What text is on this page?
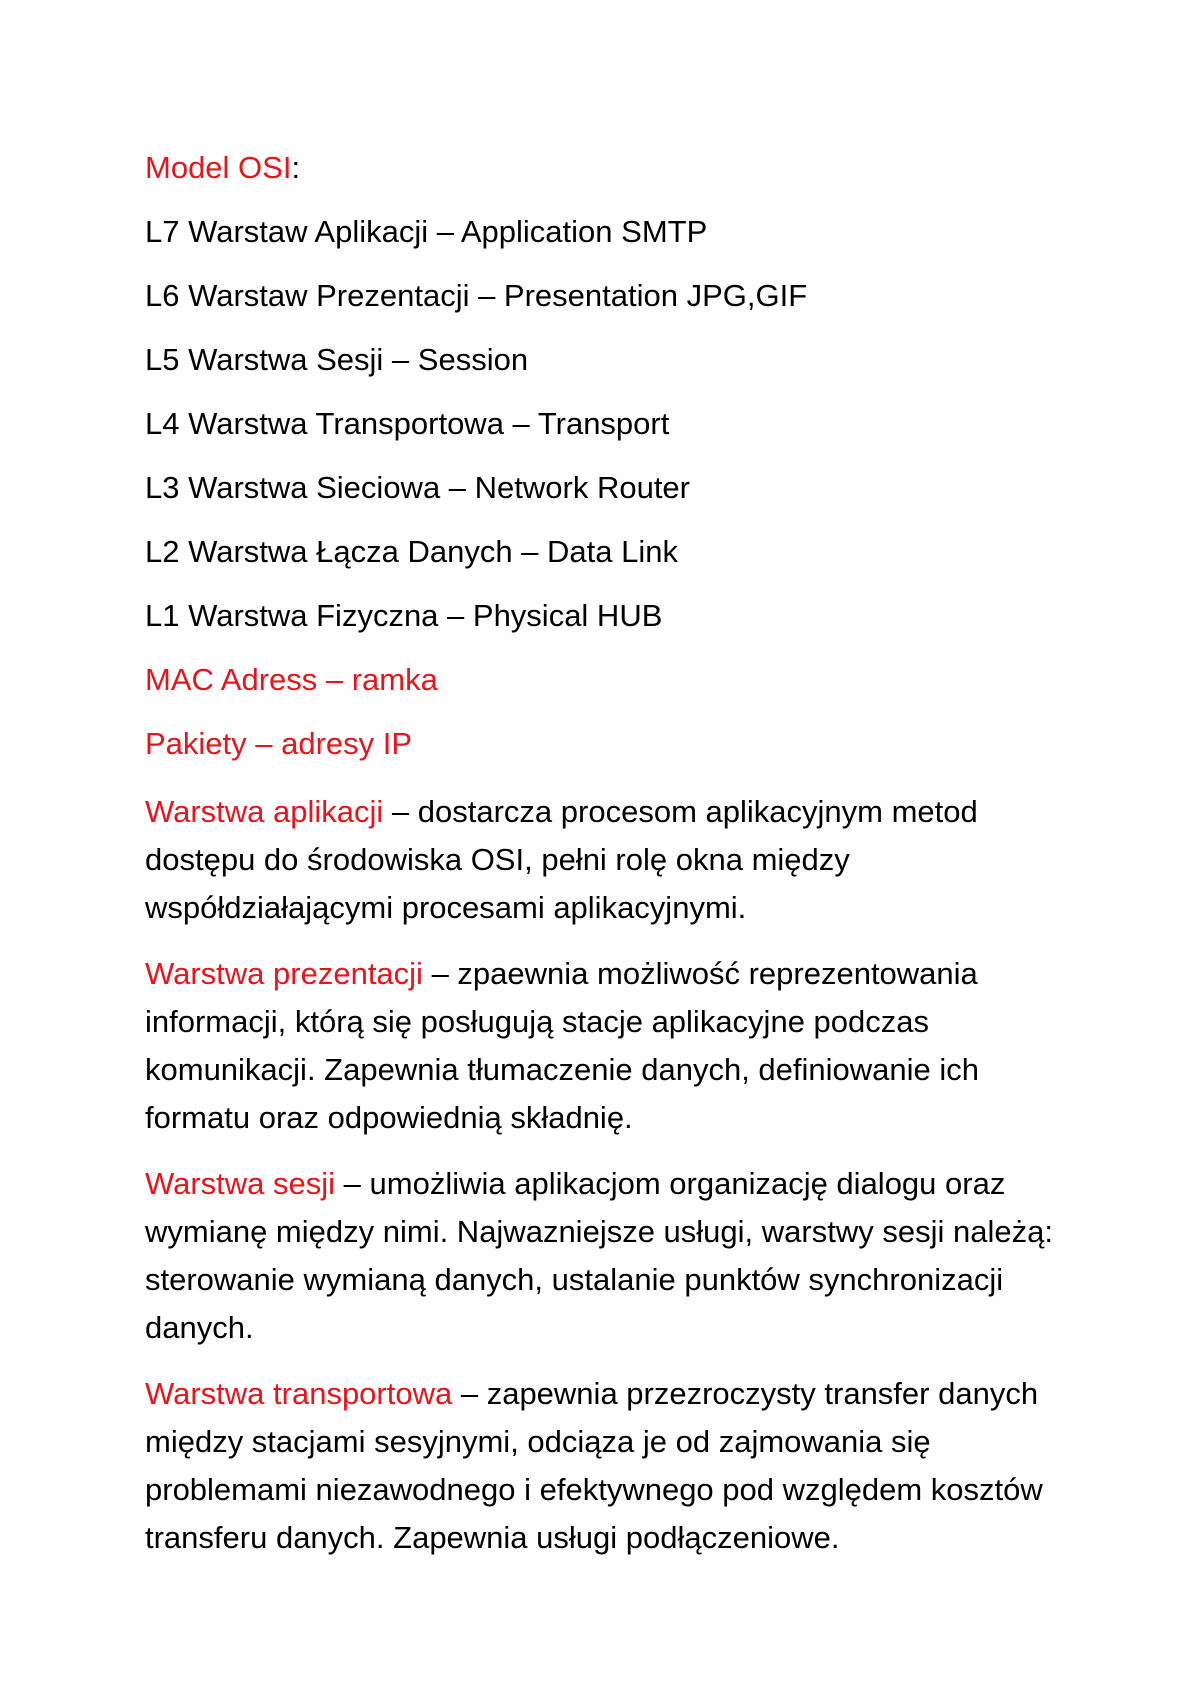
Model OSI:

L7 Warstaw Aplikacji – Application SMTP

L6 Warstaw Prezentacji – Presentation JPG,GIF

L5 Warstwa Sesji – Session

L4 Warstwa Transportowa – Transport

L3 Warstwa Sieciowa – Network Router

L2 Warstwa Łącza Danych – Data Link

L1 Warstwa Fizyczna – Physical HUB

MAC Adress – ramka

Pakiety – adresy IP

Warstwa aplikacji – dostarcza procesom aplikacyjnym metod dostępu do środowiska OSI, pełni rolę okna między współdziałającymi procesami aplikacyjnymi.

Warstwa prezentacji – zpaewnia możliwość reprezentowania informacji, którą się posługują stacje aplikacyjne podczas komunikacji. Zapewnia tłumaczenie danych, definiowanie ich formatu oraz odpowiednią składnię.

Warstwa sesji – umożliwia aplikacjom organizację dialogu oraz wymianę między nimi. Najwazniejsze usługi, warstwy sesji należą: sterowanie wymianą danych, ustalanie punktów synchronizacji danych.

Warstwa transportowa – zapewnia przezroczysty transfer danych między stacjami sesyjnymi, odciąza je od zajmowania się problemami niezawodnego i efektywnego pod względem kosztów transferu danych. Zapewnia usługi podłączeniowe.
